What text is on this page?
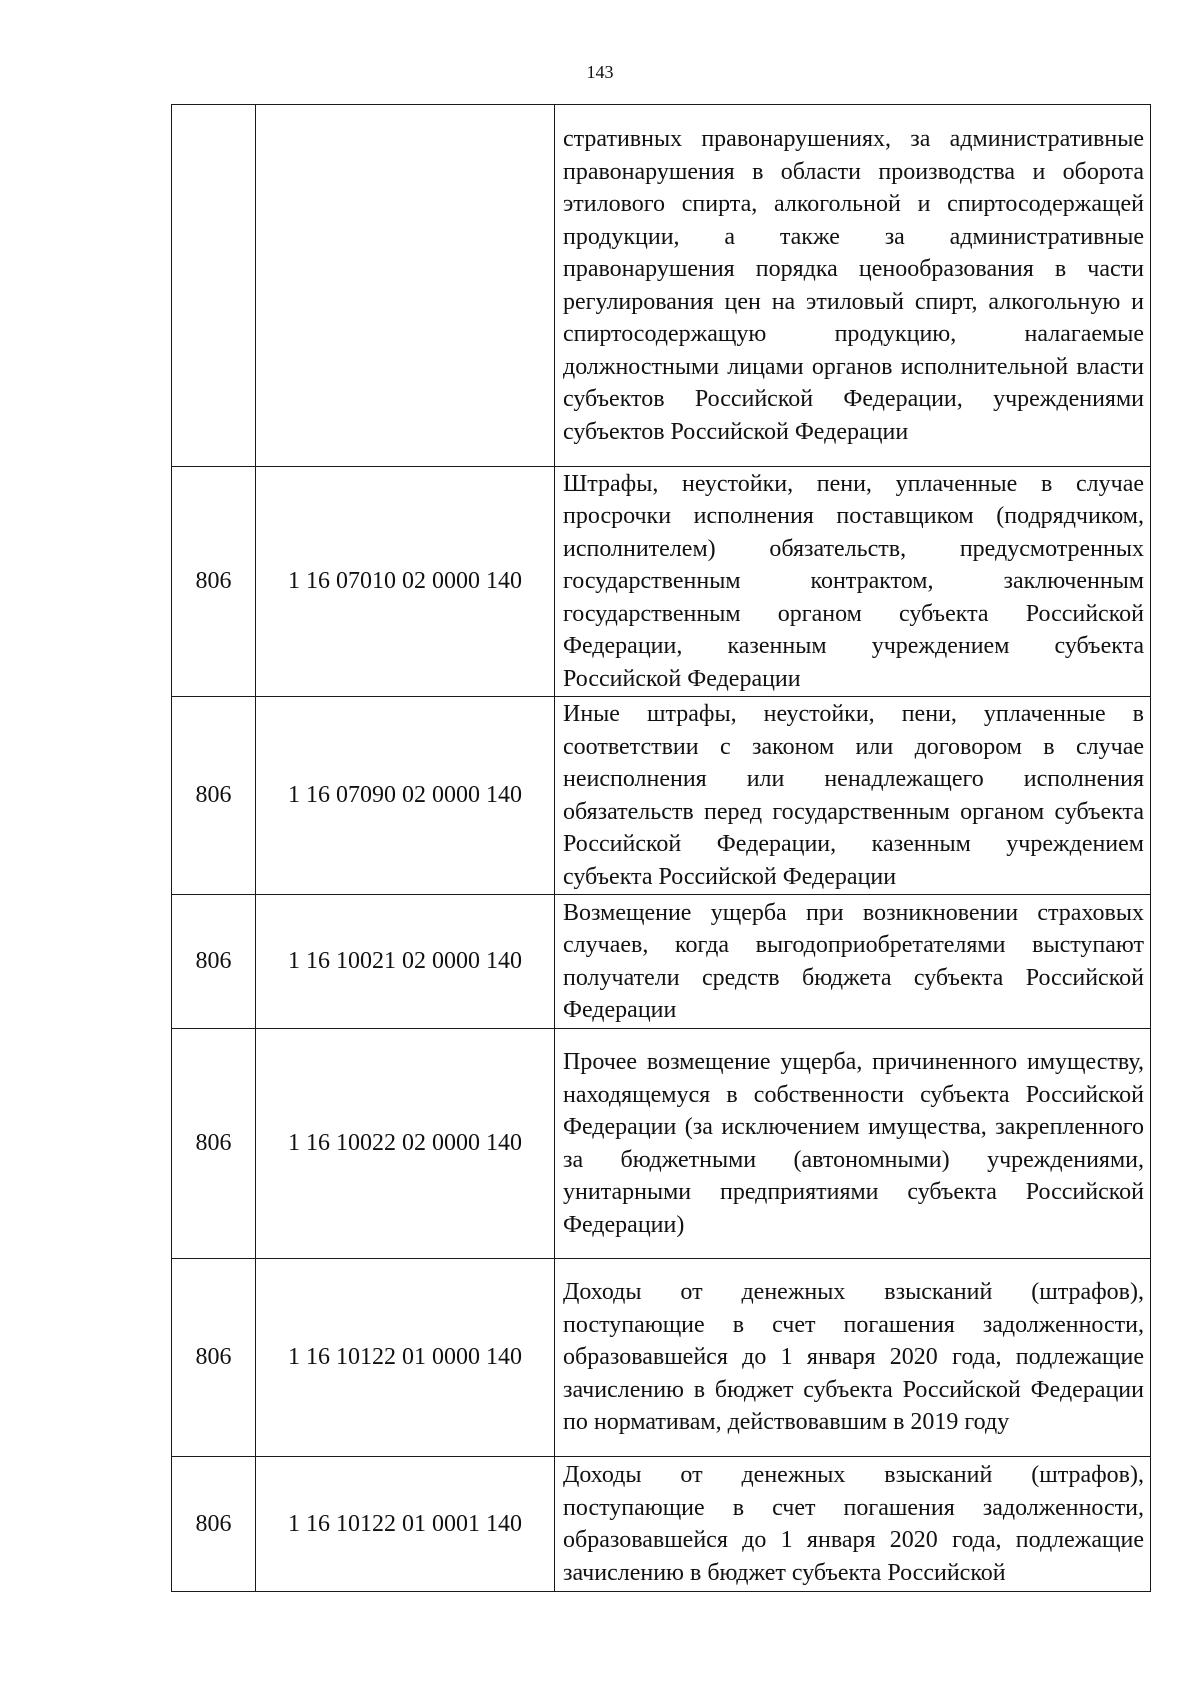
143

		стративных правонарушениях, за административные правонарушения в области производства и оборота этилового спирта, алкогольной и спиртосодержащей продукции, а также за административные правонарушения порядка ценообразования в части регулирования цен на этиловый спирт, алкогольную и спиртосодержащую продукцию, налагаемые должностными лицами органов исполнительной власти субъектов Российской Федерации, учреждениями субъектов Российской Федерации

806	1 16 07010 02 0000 140	Штрафы, неустойки, пени, уплаченные в случае просрочки исполнения поставщиком (подрядчиком, исполнителем) обязательств, предусмотренных государственным контрактом, заключенным государственным органом субъекта Российской Федерации, казенным учреждением субъекта Российской Федерации

806	1 16 07090 02 0000 140	Иные штрафы, неустойки, пени, уплаченные в соответствии с законом или договором в случае неисполнения или ненадлежащего исполнения обязательств перед государственным органом субъекта Российской Федерации, казенным учреждением субъекта Российской Федерации

806	1 16 10021 02 0000 140	Возмещение ущерба при возникновении страховых случаев, когда выгодоприобретателями выступают получатели средств бюджета субъекта Российской Федерации

806	1 16 10022 02 0000 140	Прочее возмещение ущерба, причиненного имуществу, находящемуся в собственности субъекта Российской Федерации (за исключением имущества, закрепленного за бюджетными (автономными) учреждениями, унитарными предприятиями субъекта Российской Федерации)

806	1 16 10122 01 0000 140	Доходы от денежных взысканий (штрафов), поступающие в счет погашения задолженности, образовавшейся до 1 января 2020 года, подлежащие зачислению в бюджет субъекта Российской Федерации по нормативам, действовавшим в 2019 году

806	1 16 10122 01 0001 140	Доходы от денежных взысканий (штрафов), поступающие в счет погашения задолженности, образовавшейся до 1 января 2020 года, подлежащие зачислению в бюджет субъекта Российской
